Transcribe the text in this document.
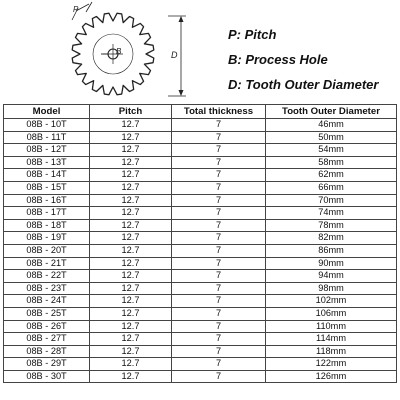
B	D
P
P: Pitch
B: Process Hole
D: Tooth Outer Diameter
Model	Pitch	Total thickness	Tooth Outer Diameter
08B - 10T	12.7	7	46mm
08B - 11T	12.7	7	50mm
08B - 12T	12.7	7	54mm
08B - 13T	12.7	7	58mm
08B - 14T	12.7	7	62mm
08B - 15T	12.7	7	66mm
08B - 16T	12.7	7	70mm
08B - 17T	12.7	7	74mm
08B - 18T	12.7	7	78mm
08B - 19T	12.7	7	82mm
08B - 20T	12.7	7	86mm
08B - 21T	12.7	7	90mm
08B - 22T	12.7	7	94mm
08B - 23T	12.7	7	98mm
08B - 24T	12.7	7	102mm
08B - 25T	12.7	7	106mm
08B - 26T	12.7	7	110mm
08B - 27T	12.7	7	114mm
08B - 28T	12.7	7	118mm
08B - 29T	12.7	7	122mm
08B - 30T	12.7	7	126mm
